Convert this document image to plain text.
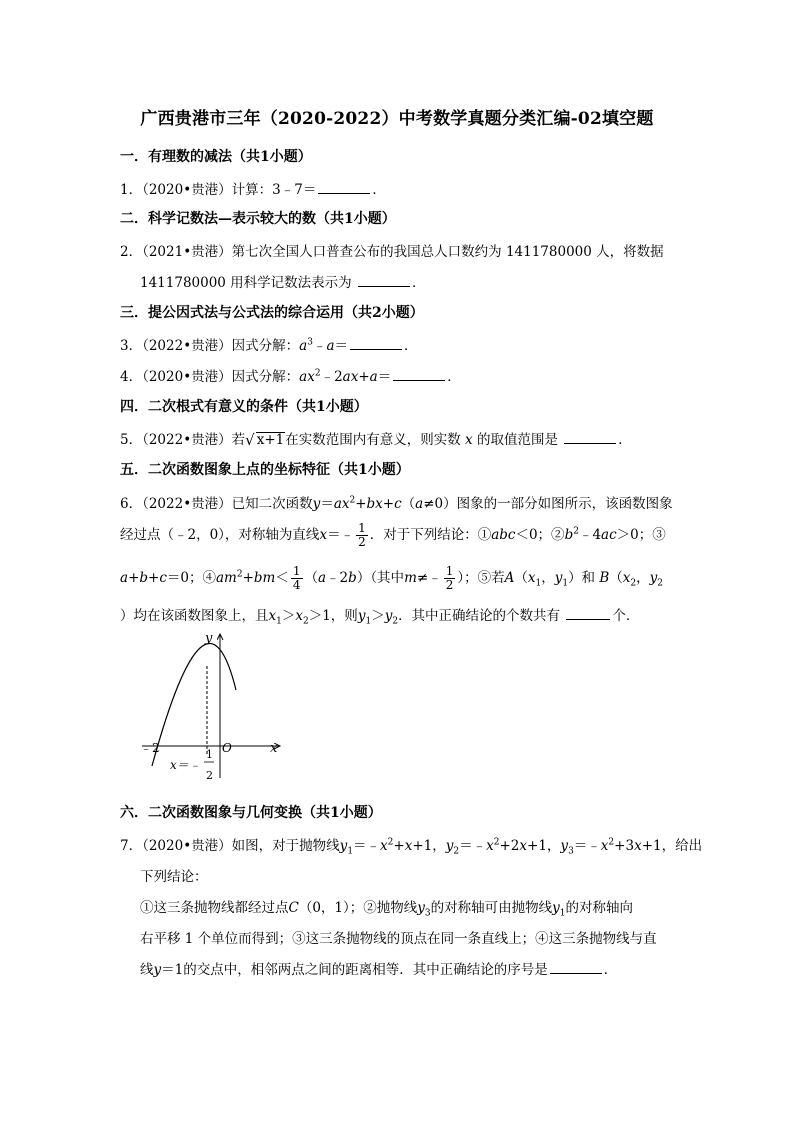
广西贵港市三年（2020-2022）中考数学真题分类汇编-02填空题
一．有理数的减法（共1小题）
1．（2020•贵港）计算：3﹣7＝	．
二．科学记数法—表示较大的数（共1小题）
2．（2021•贵港）第七次全国人口普查公布的我国总人口数约为 1411780000 人，将数据
1411780000 用科学记数法表示为	．
三．提公因式法与公式法的综合运用（共2小题）
3．（2022•贵港）因式分解：$a^3﹣a=$	．
4．（2020•贵港）因式分解：$ax^2﹣2ax+a=$	．
四．二次根式有意义的条件（共1小题）
5．（2022•贵港）若√ x+1在实数范围内有意义，则实数 x 的取值范围是	．
五．二次函数图象上点的坐标特征（共1小题）
6．（2022•贵港）已知二次函数$y=ax^2+bx+c(a\ne 0)$图象的一部分如图所示，该函数图象
经过点（﹣2，0），对称轴为直线x＝﹣ $\frac{1}{2}$ ．对于下列结论：①abc＜0；$②b^2﹣4ac>0$；③
a+b+c＝0；$④am^2+bm< \frac{1}{4}$ （a﹣2b）（其中m≠﹣ $\frac{1}{2}$ ）；⑤若$A(x_1$，$y_1$）和 $B(x_2$，$y_2$
）均在该函数图象上，且$x_1>x_2>1$，则$y_1>y_2$．其中正确结论的个数共有	个．
y
x
O
﹣2
x＝﹣
1
2
六．二次函数图象与几何变换（共1小题）
7．（2020•贵港）如图，对于抛物线$y_1=﹣x^2+x+1$，$y_2=﹣x^2+2x+1$，$y_3=﹣x^2+3x+1$，给出
下列结论：
①这三条抛物线都经过点C（0，1）；②抛物线$y_3$的对称轴可由抛物线$y_1$的对称轴向
右平移 1 个单位而得到；③这三条抛物线的顶点在同一条直线上；④这三条抛物线与直
线y＝1的交点中，相邻两点之间的距离相等．其中正确结论的序号是	．
